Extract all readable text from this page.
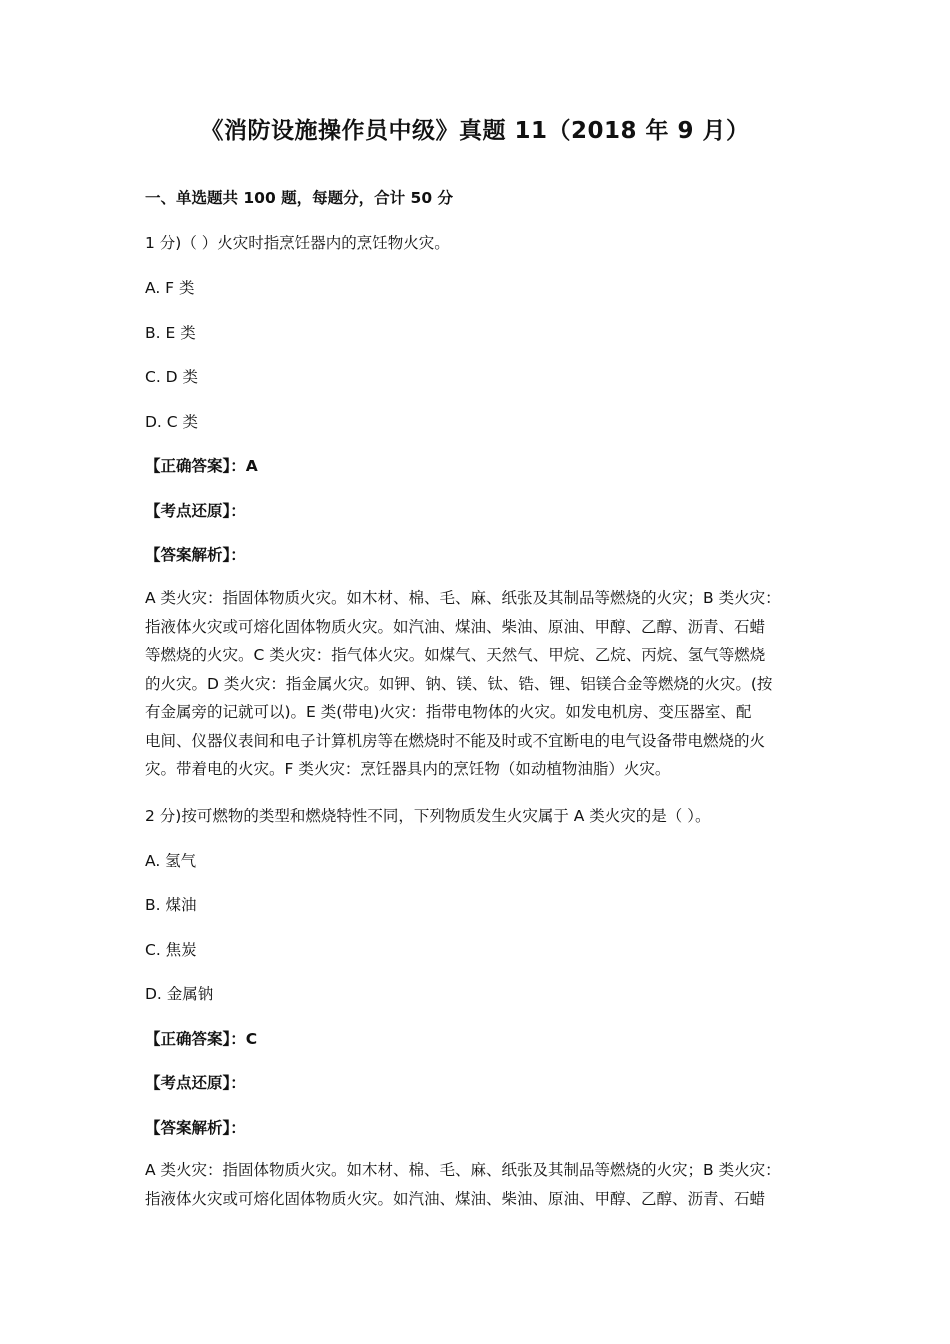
《消防设施操作员中级》真题 11（2018 年 9 月）
一、单选题共 100 题，每题分，合计 50 分
1 分)（ ）火灾时指烹饪器内的烹饪物火灾。
A. F 类
B. E 类
C. D 类
D. C 类
【正确答案】：A
【考点还原】：
【答案解析】：
A 类火灾：指固体物质火灾。如木材、棉、毛、麻、纸张及其制品等燃烧的火灾；B 类火灾：
指液体火灾或可熔化固体物质火灾。如汽油、煤油、柴油、原油、甲醇、乙醇、沥青、石蜡
等燃烧的火灾。C 类火灾：指气体火灾。如煤气、天然气、甲烷、乙烷、丙烷、氢气等燃烧
的火灾。D 类火灾：指金属火灾。如钾、钠、镁、钛、锆、锂、铝镁合金等燃烧的火灾。(按
有金属旁的记就可以)。E 类(带电)火灾：指带电物体的火灾。如发电机房、变压器室、配
电间、仪器仪表间和电子计算机房等在燃烧时不能及时或不宜断电的电气设备带电燃烧的火
灾。带着电的火灾。F 类火灾：烹饪器具内的烹饪物（如动植物油脂）火灾。
2 分)按可燃物的类型和燃烧特性不同，下列物质发生火灾属于 A 类火灾的是（ ）。
A. 氢气
B. 煤油
C. 焦炭
D. 金属钠
【正确答案】：C
【考点还原】：
【答案解析】：
A 类火灾：指固体物质火灾。如木材、棉、毛、麻、纸张及其制品等燃烧的火灾；B 类火灾：
指液体火灾或可熔化固体物质火灾。如汽油、煤油、柴油、原油、甲醇、乙醇、沥青、石蜡
